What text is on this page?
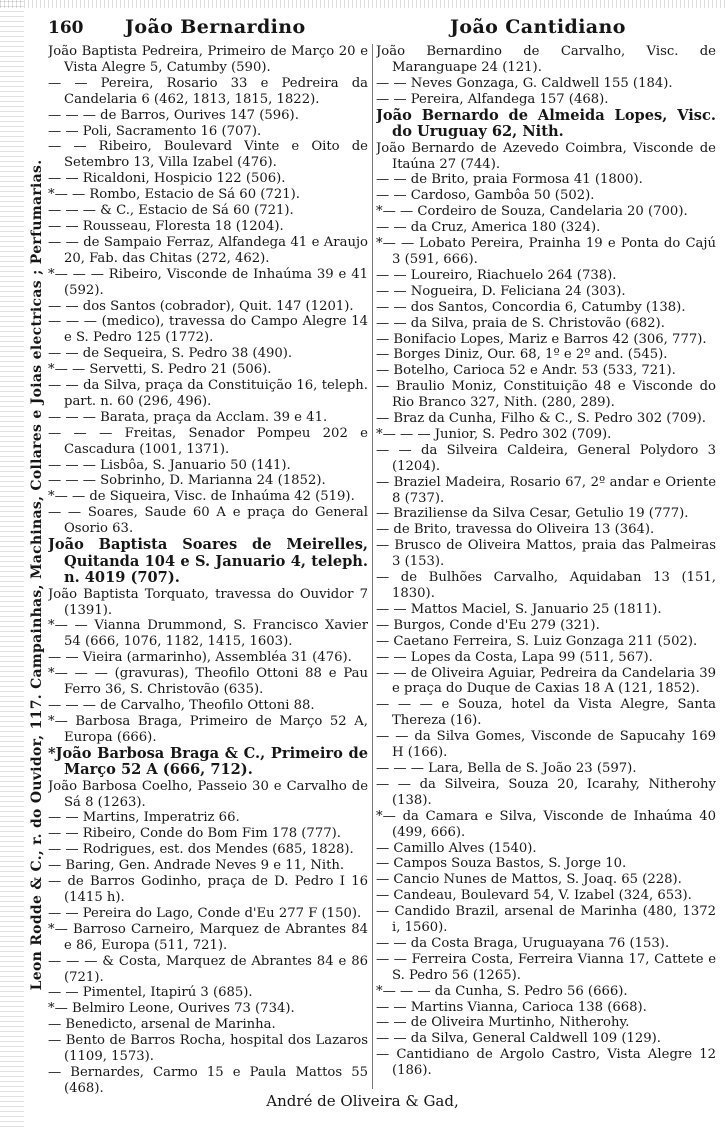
160 João Bernardino	João Cantidiano
Leon Rodde & C., r. do Ouvidor, 117. Campainhas, Machinas, Collares e Joias electricas ; Perfumarias.
João Baptista Pedreira, Primeiro de Março 20 e Vista Alegre 5, Catumby (590).
— — Pereira, Rosario 33 e Pedreira da Candelaria 6 (462, 1813, 1815, 1822).
— — — de Barros, Ourives 147 (596).
— — Poli, Sacramento 16 (707).
— — Ribeiro, Boulevard Vinte e Oito de Setembro 13, Villa Izabel (476).
— — Ricaldoni, Hospicio 122 (506).
*— — Rombo, Estacio de Sá 60 (721).
— — — & C., Estacio de Sá 60 (721).
— — Rousseau, Floresta 18 (1204).
— — de Sampaio Ferraz, Alfandega 41 e Araujo 20, Fab. das Chitas (272, 462).
*— — — Ribeiro, Visconde de Inhaúma 39 e 41 (592).
— — dos Santos (cobrador), Quit. 147 (1201).
— — — (medico), travessa do Campo Alegre 14 e S. Pedro 125 (1772).
— — de Sequeira, S. Pedro 38 (490).
*— — Servetti, S. Pedro 21 (506).
— — da Silva, praça da Constituição 16, teleph. part. n. 60 (296, 496).
— — — Barata, praça da Acclam. 39 e 41.
— — — Freitas, Senador Pompeu 202 e Cascadura (1001, 1371).
— — — Lisbôa, S. Januario 50 (141).
— — — Sobrinho, D. Marianna 24 (1852).
*— — de Siqueira, Visc. de Inhaúma 42 (519).
— — Soares, Saude 60 A e praça do General Osorio 63.
João Baptista Soares de Meirelles, Quitanda 104 e S. Januario 4, teleph. n. 4019 (707).
João Baptista Torquato, travessa do Ouvidor 7 (1391).
*— — Vianna Drummond, S. Francisco Xavier 54 (666, 1076, 1182, 1415, 1603).
— — Vieira (armarinho), Assembléa 31 (476).
*— — — (gravuras), Theofilo Ottoni 88 e Pau Ferro 36, S. Christovão (635).
— — — de Carvalho, Theofilo Ottoni 88.
*— Barbosa Braga, Primeiro de Março 52 A, Europa (666).
*João Barbosa Braga & C., Primeiro de Março 52 A (666, 712).
João Barbosa Coelho, Passeio 30 e Carvalho de Sá 8 (1263).
— — Martins, Imperatriz 66.
— — Ribeiro, Conde do Bom Fim 178 (777).
— — Rodrigues, est. dos Mendes (685, 1828).
— Baring, Gen. Andrade Neves 9 e 11, Nith.
— de Barros Godinho, praça de D. Pedro I 16 (1415 h).
— — Pereira do Lago, Conde d'Eu 277 F (150).
*— Barroso Carneiro, Marquez de Abrantes 84 e 86, Europa (511, 721).
— — — & Costa, Marquez de Abrantes 84 e 86 (721).
— — Pimentel, Itapirú 3 (685).
*— Belmiro Leone, Ourives 73 (734).
— Benedicto, arsenal de Marinha.
— Bento de Barros Rocha, hospital dos Lazaros (1109, 1573).
— Bernardes, Carmo 15 e Paula Mattos 55 (468).
João Bernardino de Carvalho, Visc. de Maranguape 24 (121).
— — Neves Gonzaga, G. Caldwell 155 (184).
— — Pereira, Alfandega 157 (468).
João Bernardo de Almeida Lopes, Visc. do Uruguay 62, Nith.
João Bernardo de Azevedo Coimbra, Visconde de Itaúna 27 (744).
— — de Brito, praia Formosa 41 (1800).
— — Cardoso, Gambôa 50 (502).
*— — Cordeiro de Souza, Candelaria 20 (700).
— — da Cruz, America 180 (324).
*— — Lobato Pereira, Prainha 19 e Ponta do Cajú 3 (591, 666).
— — Loureiro, Riachuelo 264 (738).
— — Nogueira, D. Feliciana 24 (303).
— — dos Santos, Concordia 6, Catumby (138).
— — da Silva, praia de S. Christovão (682).
— Bonifacio Lopes, Mariz e Barros 42 (306, 777).
— Borges Diniz, Our. 68, 1º e 2º and. (545).
— Botelho, Carioca 52 e Andr. 53 (533, 721).
— Braulio Moniz, Constituição 48 e Visconde do Rio Branco 327, Nith. (280, 289).
— Braz da Cunha, Filho & C., S. Pedro 302 (709).
*— — — Junior, S. Pedro 302 (709).
— — da Silveira Caldeira, General Polydoro 3 (1204).
— Braziel Madeira, Rosario 67, 2º andar e Oriente 8 (737).
— Braziliense da Silva Cesar, Getulio 19 (777).
— de Brito, travessa do Oliveira 13 (364).
— Brusco de Oliveira Mattos, praia das Palmeiras 3 (153).
— de Bulhões Carvalho, Aquidaban 13 (151, 1830).
— — Mattos Maciel, S. Januario 25 (1811).
— Burgos, Conde d'Eu 279 (321).
— Caetano Ferreira, S. Luiz Gonzaga 211 (502).
— — Lopes da Costa, Lapa 99 (511, 567).
— — de Oliveira Aguiar, Pedreira da Candelaria 39 e praça do Duque de Caxias 18 A (121, 1852).
— — — e Souza, hotel da Vista Alegre, Santa Thereza (16).
— — da Silva Gomes, Visconde de Sapucahy 169 H (166).
— — — Lara, Bella de S. João 23 (597).
— — da Silveira, Souza 20, Icarahy, Nitherohy (138).
*— da Camara e Silva, Visconde de Inhaúma 40 (499, 666).
— Camillo Alves (1540).
— Campos Souza Bastos, S. Jorge 10.
— Cancio Nunes de Mattos, S. Joaq. 65 (228).
— Candeau, Boulevard 54, V. Izabel (324, 653).
— Candido Brazil, arsenal de Marinha (480, 1372 i, 1560).
— — da Costa Braga, Uruguayana 76 (153).
— — Ferreira Costa, Ferreira Vianna 17, Cattete e S. Pedro 56 (1265).
*— — — da Cunha, S. Pedro 56 (666).
— — Martins Vianna, Carioca 138 (668).
— — de Oliveira Murtinho, Nitherohy.
— — da Silva, General Caldwell 109 (129).
— Cantidiano de Argolo Castro, Vista Alegre 12 (186).
André de Oliveira & Gad,
